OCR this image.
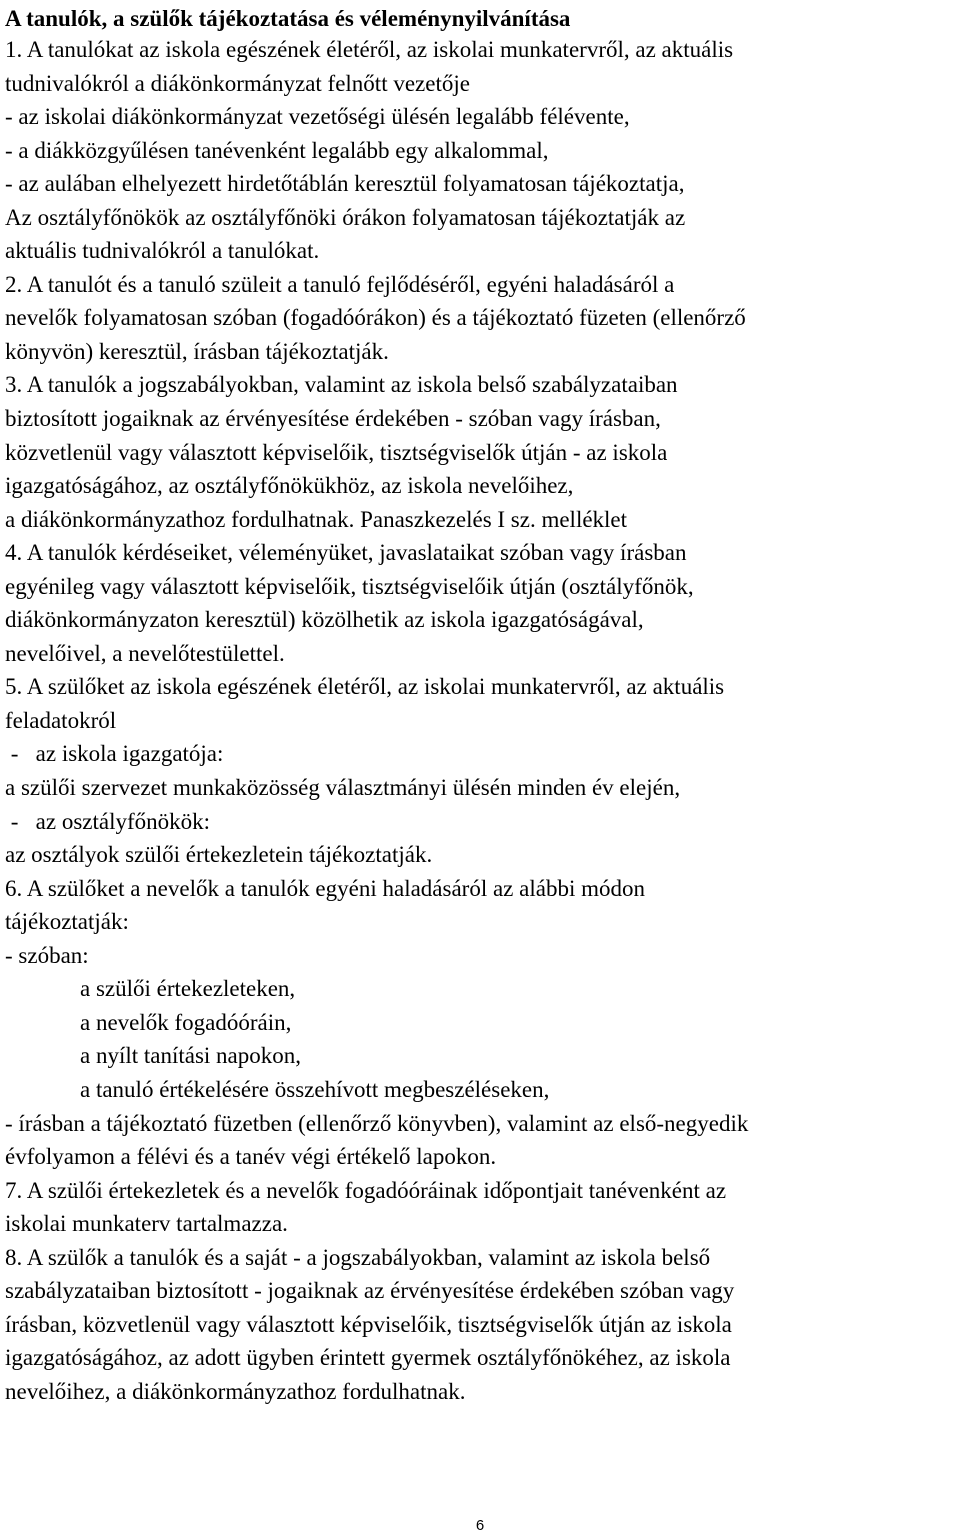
A tanulók, a szülők tájékoztatása és véleménynyilvánítása
1. A tanulókat az iskola egészének életéről, az iskolai munkatervről, az aktuális
tudnivalókról a diákönkormányzat felnőtt vezetője
- az iskolai diákönkormányzat vezetőségi ülésén legalább félévente,
- a diákközgyűlésen tanévenként legalább egy alkalommal,
- az aulában elhelyezett hirdetőtáblán keresztül folyamatosan tájékoztatja,
Az osztályfőnökök az osztályfőnöki órákon folyamatosan tájékoztatják az
aktuális tudnivalókról a tanulókat.
2. A tanulót és a tanuló szüleit a tanuló fejlődéséről, egyéni haladásáról a
nevelők folyamatosan szóban (fogadóórákon) és a tájékoztató füzeten (ellenőrző
könyvön) keresztül, írásban tájékoztatják.
3. A tanulók a jogszabályokban, valamint az iskola belső szabályzataiban
biztosított jogaiknak az érvényesítése érdekében - szóban vagy írásban,
közvetlenül vagy választott képviselőik, tisztségviselők útján - az iskola
igazgatóságához, az osztályfőnökükhöz, az iskola nevelőihez,
a diákönkormányzathoz fordulhatnak. Panaszkezelés I sz. melléklet
4. A tanulók kérdéseiket, véleményüket, javaslataikat szóban vagy írásban
egyénileg vagy választott képviselőik, tisztségviselőik útján (osztályfőnök,
diákönkormányzaton keresztül) közölhetik az iskola igazgatóságával,
nevelőivel, a nevelőtestülettel.
5. A szülőket az iskola egészének életéről, az iskolai munkatervről, az aktuális
feladatokról
-   az iskola igazgatója:
a szülői szervezet munkaközösség választmányi ülésén minden év elején,
-   az osztályfőnökök:
az osztályok szülői értekezletein tájékoztatják.
6. A szülőket a nevelők a tanulók egyéni haladásáról az alábbi módon
tájékoztatják:
- szóban:
a szülői értekezleteken,
a nevelők fogadóóráin,
a nyílt tanítási napokon,
a tanuló értékelésére összehívott megbeszéléseken,
- írásban a tájékoztató füzetben (ellenőrző könyvben), valamint az első-negyedik
évfolyamon a félévi és a tanév végi értékelő lapokon.
7. A szülői értekezletek és a nevelők fogadóóráinak időpontjait tanévenként az
iskolai munkaterv tartalmazza.
8. A szülők a tanulók és a saját - a jogszabályokban, valamint az iskola belső
szabályzataiban biztosított - jogaiknak az érvényesítése érdekében szóban vagy
írásban, közvetlenül vagy választott képviselőik, tisztségviselők útján az iskola
igazgatóságához, az adott ügyben érintett gyermek osztályfőnökéhez, az iskola
nevelőihez, a diákönkormányzathoz fordulhatnak.
6
